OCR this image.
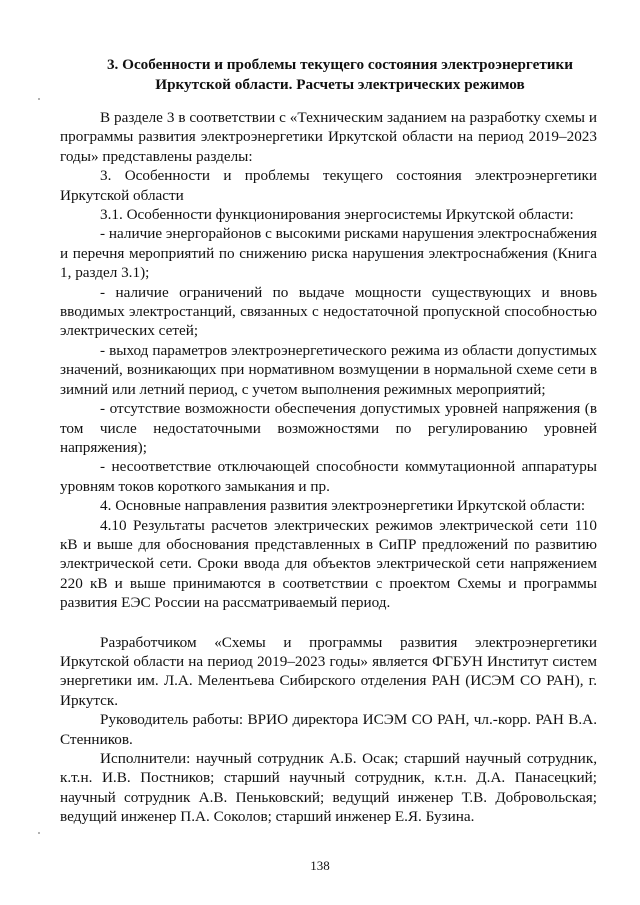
3. Особенности и проблемы текущего состояния электроэнергетики
Иркутской области. Расчеты электрических режимов

В разделе 3 в соответствии с «Техническим заданием на разработку схемы и программы развития электроэнергетики Иркутской области на период 2019–2023 годы» представлены разделы:

3. Особенности и проблемы текущего состояния электроэнергетики Иркутской области

3.1. Особенности функционирования энергосистемы Иркутской области:

- наличие энергорайонов с высокими рисками нарушения электроснабжения и перечня мероприятий по снижению риска нарушения электроснабжения (Книга 1, раздел 3.1);

- наличие ограничений по выдаче мощности существующих и вновь вводимых электростанций, связанных с недостаточной пропускной способностью электрических сетей;

- выход параметров электроэнергетического режима из области допустимых значений, возникающих при нормативном возмущении в нормальной схеме сети в зимний или летний период, с учетом выполнения режимных мероприятий;

- отсутствие возможности обеспечения допустимых уровней напряжения (в том числе недостаточными возможностями по регулированию уровней напряжения);

- несоответствие отключающей способности коммутационной аппаратуры уровням токов короткого замыкания и пр.

4. Основные направления развития электроэнергетики Иркутской области:

4.10 Результаты расчетов электрических режимов электрической сети 110 кВ и выше для обоснования представленных в СиПР предложений по развитию электрической сети. Сроки ввода для объектов электрической сети напряжением 220 кВ и выше принимаются в соответствии с проектом Схемы и программы развития ЕЭС России на рассматриваемый период.

Разработчиком «Схемы и программы развития электроэнергетики Иркутской области на период 2019–2023 годы» является ФГБУН Институт систем энергетики им. Л.А. Мелентьева Сибирского отделения РАН (ИСЭМ СО РАН), г. Иркутск.

Руководитель работы: ВРИО директора ИСЭМ СО РАН, чл.-корр. РАН В.А. Стенников.

Исполнители: научный сотрудник А.Б. Осак; старший научный сотрудник, к.т.н. И.В. Постников; старший научный сотрудник, к.т.н. Д.А. Панасецкий; научный сотрудник А.В. Пеньковский; ведущий инженер Т.В. Добровольская; ведущий инженер П.А. Соколов; старший инженер Е.Я. Бузина.

138
